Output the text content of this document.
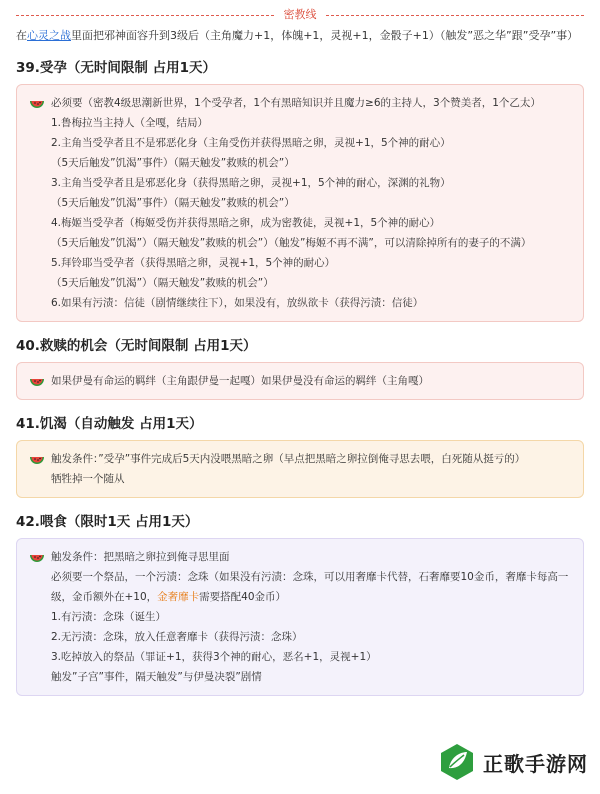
密教线
在心灵之战里面把邪神面容升到3级后（主角魔力+1，体魄+1，灵视+1，金骰子+1）（触发”恶之华”跟”受孕”事）
39.受孕（无时间限制 占用1天）
必须要（密教4级思潮新世界，1个受孕者，1个有黑暗知识并且魔力≥6的主持人，3个赞美者，1个乙太）
1.鲁梅拉当主持人（全嘎，结局）
2.主角当受孕者且不是邪恶化身（主角受伤并获得黑暗之卵，灵视+1，5个神的耐心）
（5天后触发”饥渴”事件）（隔天触发”救赎的机会”）
3.主角当受孕者且是邪恶化身（获得黑暗之卵，灵视+1，5个神的耐心，深渊的礼物）
（5天后触发”饥渴”事件）（隔天触发”救赎的机会”）
4.梅姬当受孕者（梅姬受伤并获得黑暗之卵，成为密教徒，灵视+1，5个神的耐心）
（5天后触发”饥渴”）（隔天触发”救赎的机会”）（触发”梅姬不再不满”，可以清除掉所有的妻子的不满）
5.拜铃耶当受孕者（获得黑暗之卵，灵视+1，5个神的耐心）
（5天后触发”饥渴”）（隔天触发”救赎的机会”）
6.如果有污渍：信徒（剧情继续往下），如果没有，放纵欲卡（获得污渍：信徒）
40.救赎的机会（无时间限制 占用1天）
如果伊曼有命运的羁绊（主角跟伊曼一起嘎）如果伊曼没有命运的羁绊（主角嘎）
41.饥渴（自动触发 占用1天）
触发条件：”受孕”事件完成后5天内没喂黑暗之卵（早点把黑暗之卵拉倒俺寻思去喂，白死随从挺亏的）
牺牲掉一个随从
42.喂食（限时1天 占用1天）
触发条件：把黑暗之卵拉到俺寻思里面
必须要一个祭品，一个污渍：念珠（如果没有污渍：念珠，可以用奢靡卡代替，石奢靡要10金币，奢靡卡每高一级，金币额外在+10，金奢靡卡需要搭配40金币）
1.有污渍：念珠（诞生）
2.无污渍：念珠，放入任意奢靡卡（获得污渍：念珠）
3.吃掉放入的祭品（罪证+1，获得3个神的耐心，恶名+1，灵视+1）
触发”子宫”事件，隔天触发”与伊曼决裂”剧情
正歌手游网
